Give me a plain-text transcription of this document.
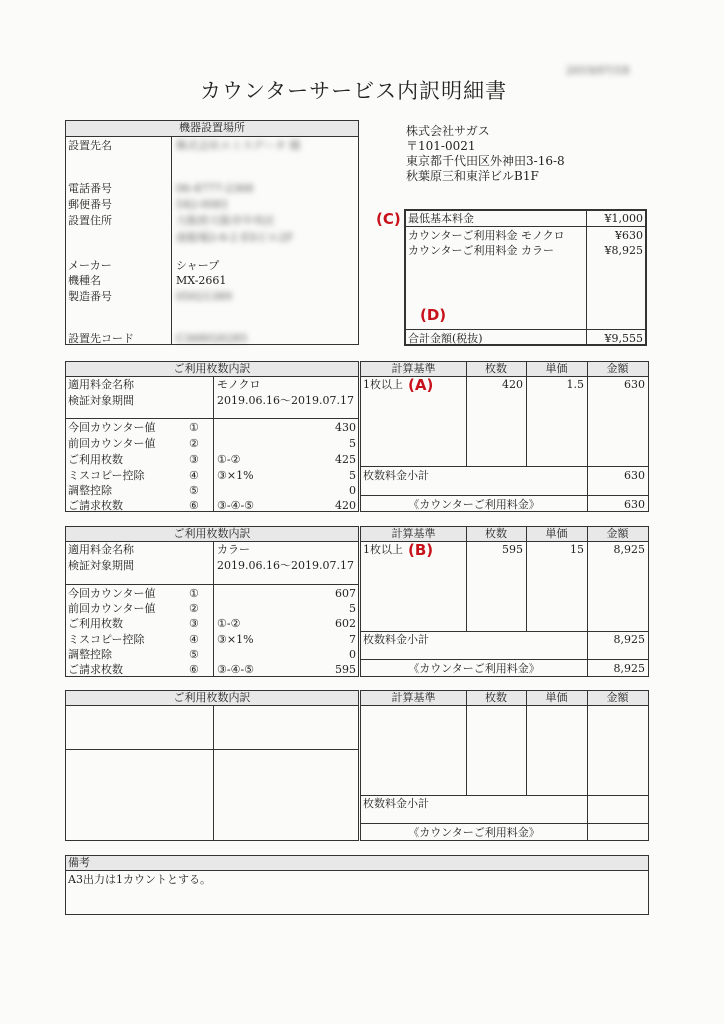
2019/07/18
カウンターサービス内訳明細書
機器設置場所
設置先名	株式会社エミスデータ 様
電話番号	06-4777-2368
郵便番号	542-0081
設置住所	大阪府大阪市中央区
南船場2-6-2 ESビル2F
メーカー	シャープ
機種名	MX-2661
製造番号	05021389
設置先コード	C368026285
株式会社サガス
〒101-0021
東京都千代田区外神田3-16-8
秋葉原三和東洋ビルB1F
(C) 最低基本料金	¥1,000
カウンターご利用料金 モノクロ	¥630
カウンターご利用料金 カラー	¥8,925
(D)
合計金額(税抜)	¥9,555
ご利用枚数内訳
適用料金名称	モノクロ
検証対象期間	2019.06.16～2019.07.17
今回カウンター値	①	430
前回カウンター値	②	5
ご利用枚数	③ ①-②	425
ミスコピー控除	④ ③×1%	5
調整控除	⑤	0
ご請求枚数	⑥ ③-④-⑤	420
計算基準	枚数	単価	金額
1枚以上 (A)	420	1.5	630
枚数料金小計	630
《カウンターご利用料金》	630
ご利用枚数内訳
適用料金名称	カラー
検証対象期間	2019.06.16～2019.07.17
今回カウンター値	①	607
前回カウンター値	②	5
ご利用枚数	③ ①-②	602
ミスコピー控除	④ ③×1%	7
調整控除	⑤	0
ご請求枚数	⑥ ③-④-⑤	595
計算基準	枚数	単価	金額
1枚以上 (B)	595	15	8,925
枚数料金小計	8,925
《カウンターご利用料金》	8,925
ご利用枚数内訳	計算基準	枚数	単価	金額
枚数料金小計
《カウンターご利用料金》
備考
A3出力は1カウントとする。
